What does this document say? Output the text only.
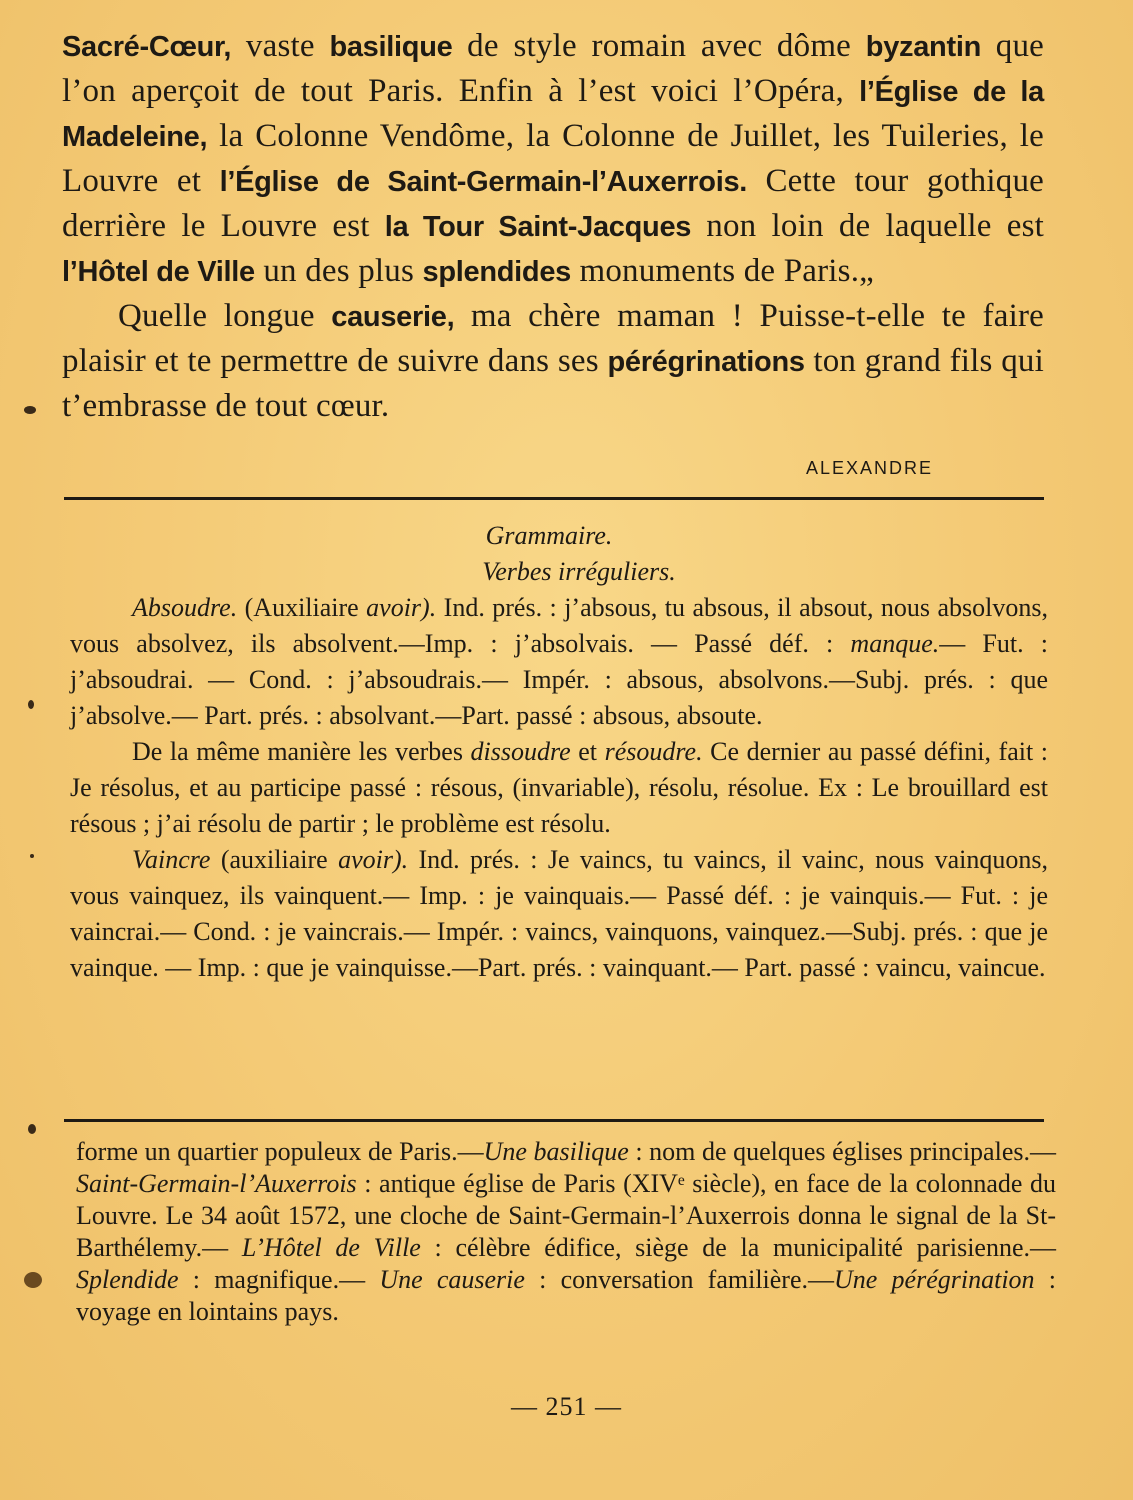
Sacré-Cœur, vaste basilique de style romain avec dôme byzantin que l’on aperçoit de tout Paris. Enfin à l’est voici l’Opéra, l’Église de la Madeleine, la Colonne Vendôme, la Colonne de Juillet, les Tuileries, le Louvre et l’Église de Saint-Germain-l’Auxerrois. Cette tour gothique derrière le Louvre est la Tour Saint-Jacques non loin de laquelle est l’Hôtel de Ville un des plus splendides monuments de Paris.„

Quelle longue causerie, ma chère maman ! Puisse-t-elle te faire plaisir et te permettre de suivre dans ses pérégrinations ton grand fils qui t’embrasse de tout cœur.

ALEXANDRE

Grammaire.

Verbes irréguliers.

Absoudre. (Auxiliaire avoir). Ind. prés. : j’absous, tu absous, il absout, nous absolvons, vous absolvez, ils absolvent.—Imp. : j’absolvais. — Passé déf. : manque.— Fut. : j’absoudrai. — Cond. : j’absoudrais.— Impér. : absous, absolvons.—Subj. prés. : que j’absolve.— Part. prés. : absolvant.—Part. passé : absous, absoute.

De la même manière les verbes dissoudre et résoudre. Ce dernier au passé défini, fait : Je résolus, et au participe passé : résous, (invariable), résolu, résolue. Ex : Le brouillard est résous ; j’ai résolu de partir ; le problème est résolu.

Vaincre (auxiliaire avoir). Ind. prés. : Je vaincs, tu vaincs, il vainc, nous vainquons, vous vainquez, ils vainquent.— Imp. : je vainquais.— Passé déf. : je vainquis.— Fut. : je vaincrai.— Cond. : je vaincrais.— Impér. : vaincs, vainquons, vainquez.—Subj. prés. : que je vainque. — Imp. : que je vainquisse.—Part. prés. : vainquant.— Part. passé : vaincu, vaincue.

forme un quartier populeux de Paris.—Une basilique : nom de quelques églises principales.—Saint-Germain-l’Auxerrois : antique église de Paris (XIVᵉ siècle), en face de la colonnade du Louvre. Le 34 août 1572, une cloche de Saint-Germain-l’Auxerrois donna le signal de la St-Barthélemy.— L’Hôtel de Ville : célèbre édifice, siège de la municipalité parisienne.— Splendide : magnifique.— Une causerie : conversation familière.—Une pérégrination : voyage en lointains pays.

— 251 —
